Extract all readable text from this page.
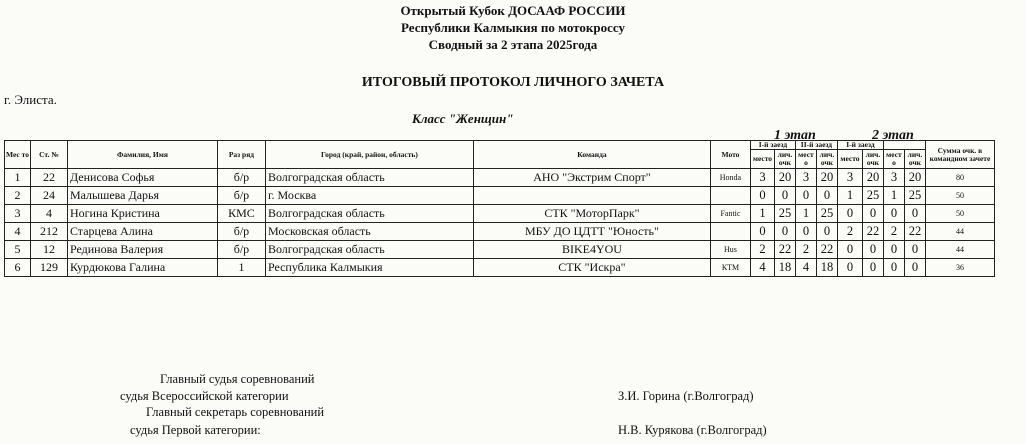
Открытый Кубок ДОСААФ РОССИИ
Республики Калмыкия по мотокроссу
Сводный за 2 этапа 2025года
ИТОГОВЫЙ ПРОТОКОЛ ЛИЧНОГО ЗАЧЕТА
г. Элиста.
Класс "Женщин"
1 этап	2 этап
Мес то	Ст. №	Фамилия, Имя	Раз ряд	Город (край, район, область)	Команда	Мото	I-й заезд		II-й заезд		I-й заезд				Сумма очк. в командном зачете
							место	лич. очк	мест о	лич. очк	место	лич. очк	мест о	лич. очк	
1	22	Денисова Софья	б/р	Волгоградская область	АНО "Экстрим Спорт"	Honda	3	20	3	20	3	20	3	20	80
2	24	Малышева Дарья	б/р	г. Москва			0	0	0	0	1	25	1	25	50
3	4	Ногина Кристина	КМС	Волгоградская область	СТК "МоторПарк"	Fantic	1	25	1	25	0	0	0	0	50
4	212	Старцева Алина	б/р	Московская область	МБУ ДО ЦДТТ "Юность"		0	0	0	0	2	22	2	22	44
5	12	Рединова Валерия	б/р	Волгоградская область	BIKE4YOU	Hus	2	22	2	22	0	0	0	0	44
6	129	Курдюкова Галина	1	Республика Калмыкия	СТК "Искра"	КТМ	4	18	4	18	0	0	0	0	36
Главный судья соревнований
судья Всероссийской категории	З.И. Горина (г.Волгоград)
Главный секретарь соревнований
судья Первой категории:	Н.В. Курякова (г.Волгоград)
